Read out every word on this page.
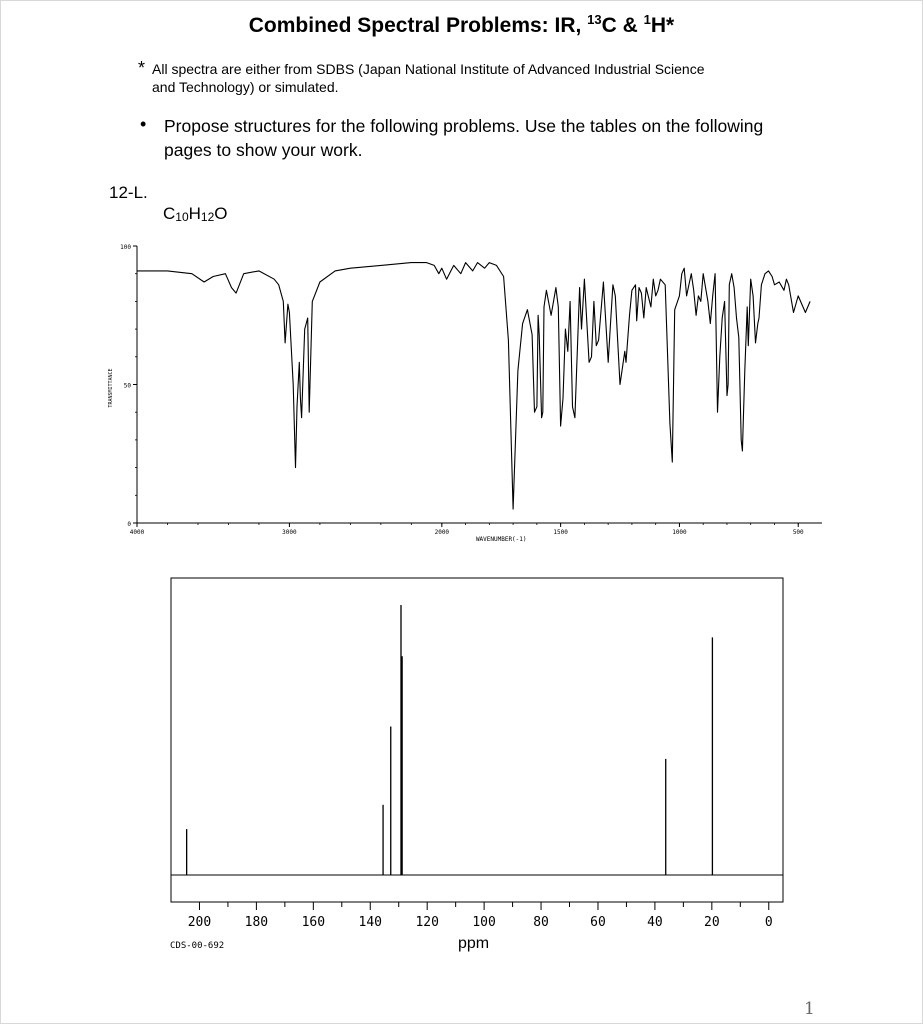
Combined Spectral Problems: IR, $^{13}$C & $^1$H*
* All spectra are either from SDBS (Japan National Institute of Advanced Industrial Science and Technology) or simulated.
• Propose structures for the following problems. Use the tables on the following pages to show your work.
12-L.
$C_{10}H_{12}O$
100
50
0
TRANSMITTANCE
4000	3000	2000	1500	1000	500
WAVENUMBER(-1)
200	180	160	140	120	100	80	60	40	20	0
ppm
CDS-00-692
1
